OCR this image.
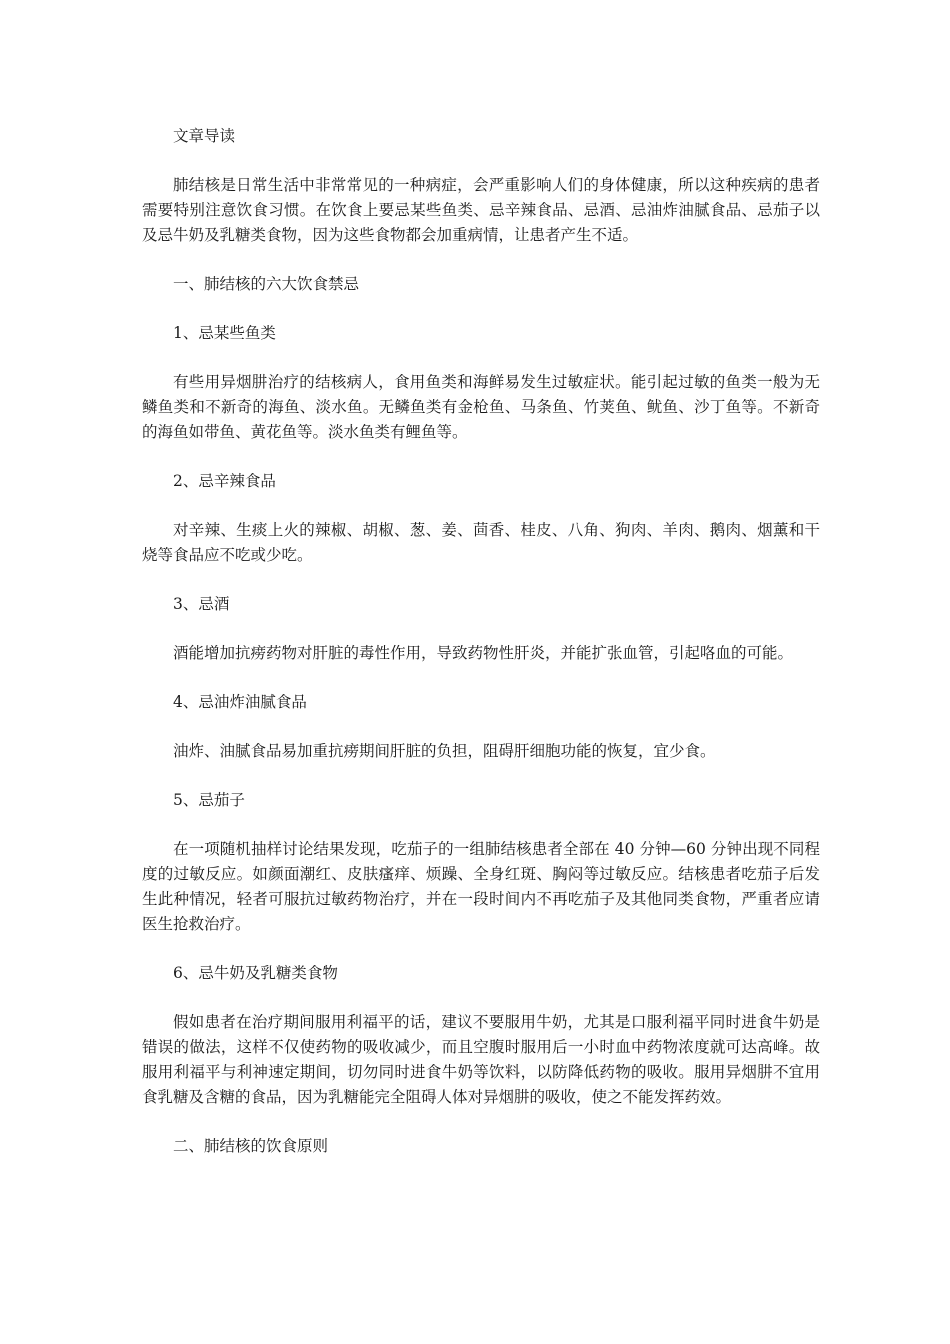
文章导读

肺结核是日常生活中非常常见的一种病症，会严重影响人们的身体健康，所以这种疾病的患者需要特别注意饮食习惯。在饮食上要忌某些鱼类、忌辛辣食品、忌酒、忌油炸油腻食品、忌茄子以及忌牛奶及乳糖类食物，因为这些食物都会加重病情，让患者产生不适。

一、肺结核的六大饮食禁忌

1、忌某些鱼类

有些用异烟肼治疗的结核病人，食用鱼类和海鲜易发生过敏症状。能引起过敏的鱼类一般为无鳞鱼类和不新奇的海鱼、淡水鱼。无鳞鱼类有金枪鱼、马条鱼、竹荚鱼、鱿鱼、沙丁鱼等。不新奇的海鱼如带鱼、黄花鱼等。淡水鱼类有鲤鱼等。

2、忌辛辣食品

对辛辣、生痰上火的辣椒、胡椒、葱、姜、茴香、桂皮、八角、狗肉、羊肉、鹅肉、烟薰和干烧等食品应不吃或少吃。

3、忌酒

酒能增加抗痨药物对肝脏的毒性作用，导致药物性肝炎，并能扩张血管，引起咯血的可能。

4、忌油炸油腻食品

油炸、油腻食品易加重抗痨期间肝脏的负担，阻碍肝细胞功能的恢复，宜少食。

5、忌茄子

在一项随机抽样讨论结果发现，吃茄子的一组肺结核患者全部在 40 分钟—60 分钟出现不同程度的过敏反应。如颜面潮红、皮肤瘙痒、烦躁、全身红斑、胸闷等过敏反应。结核患者吃茄子后发生此种情况，轻者可服抗过敏药物治疗，并在一段时间内不再吃茄子及其他同类食物，严重者应请医生抢救治疗。

6、忌牛奶及乳糖类食物

假如患者在治疗期间服用利福平的话，建议不要服用牛奶，尤其是口服利福平同时进食牛奶是错误的做法，这样不仅使药物的吸收减少，而且空腹时服用后一小时血中药物浓度就可达高峰。故服用利福平与利神速定期间，切勿同时进食牛奶等饮料，以防降低药物的吸收。服用异烟肼不宜用食乳糖及含糖的食品，因为乳糖能完全阻碍人体对异烟肼的吸收，使之不能发挥药效。

二、肺结核的饮食原则
